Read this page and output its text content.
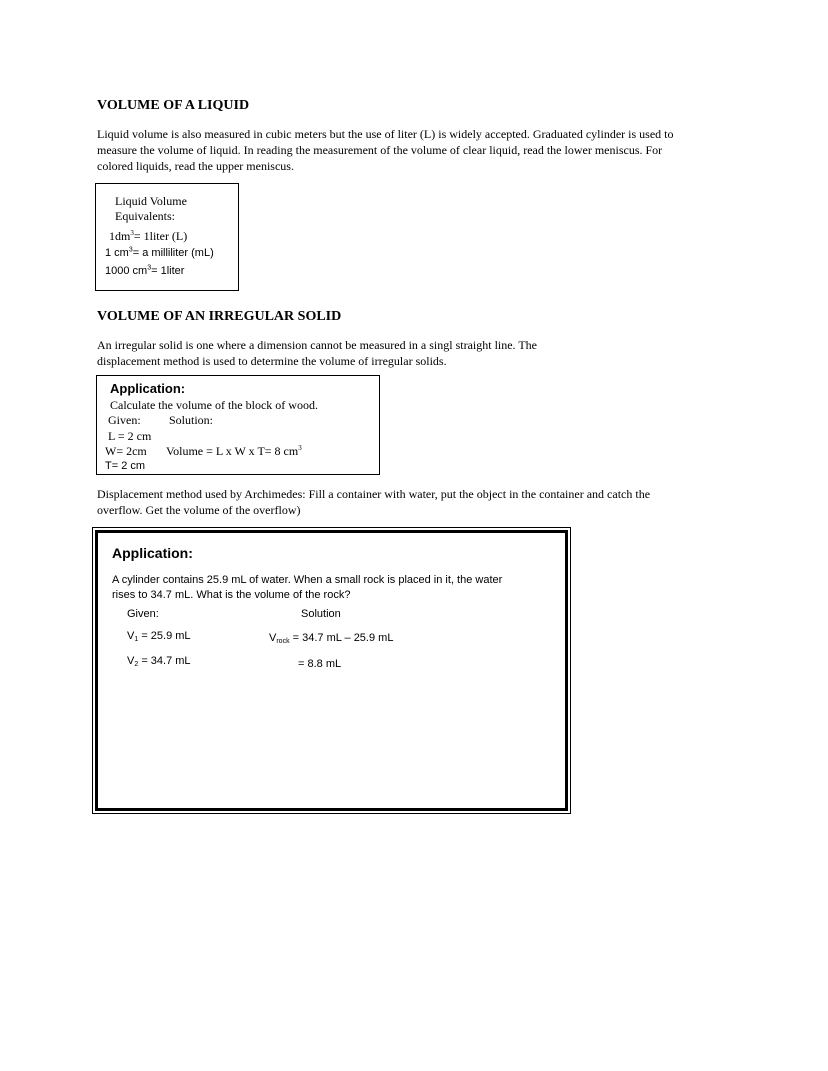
VOLUME OF A LIQUID
Liquid volume is also measured in cubic meters but the use of liter (L) is widely accepted. Graduated cylinder is used to
measure the volume of liquid. In reading the measurement of the volume of clear liquid, read the lower meniscus. For
colored liquids, read the upper meniscus.
Liquid Volume
Equivalents:
$1dm^3=$ 1liter (L)
1 $cm^3= a$ milliliter (mL)
1000 $cm^3=$ 1liter
VOLUME OF AN IRREGULAR SOLID
An irregular solid is one where a dimension cannot be measured in a singl straight line. The
displacement method is used to determine the volume of irregular solids.
Application:
Calculate the volume of the block of wood.
Given: Solution:
L = 2 cm
W= 2cm Volume = L x W x T= 8 $cm^3$
T= 2 cm
Displacement method used by Archimedes: Fill a container with water, put the object in the container and catch the
overflow. Get the volume of the overflow)
Application:
A cylinder contains 25.9 mL of water. When a small rock is placed in it, the water
rises to 34.7 mL. What is the volume of the rock?
Given:	Solution
$V_1 = 25.9$ mL	$V_{rock} = 34.7$ mL – 25.9 mL
$V_2 = 34.7$ mL	= 8.8 mL
